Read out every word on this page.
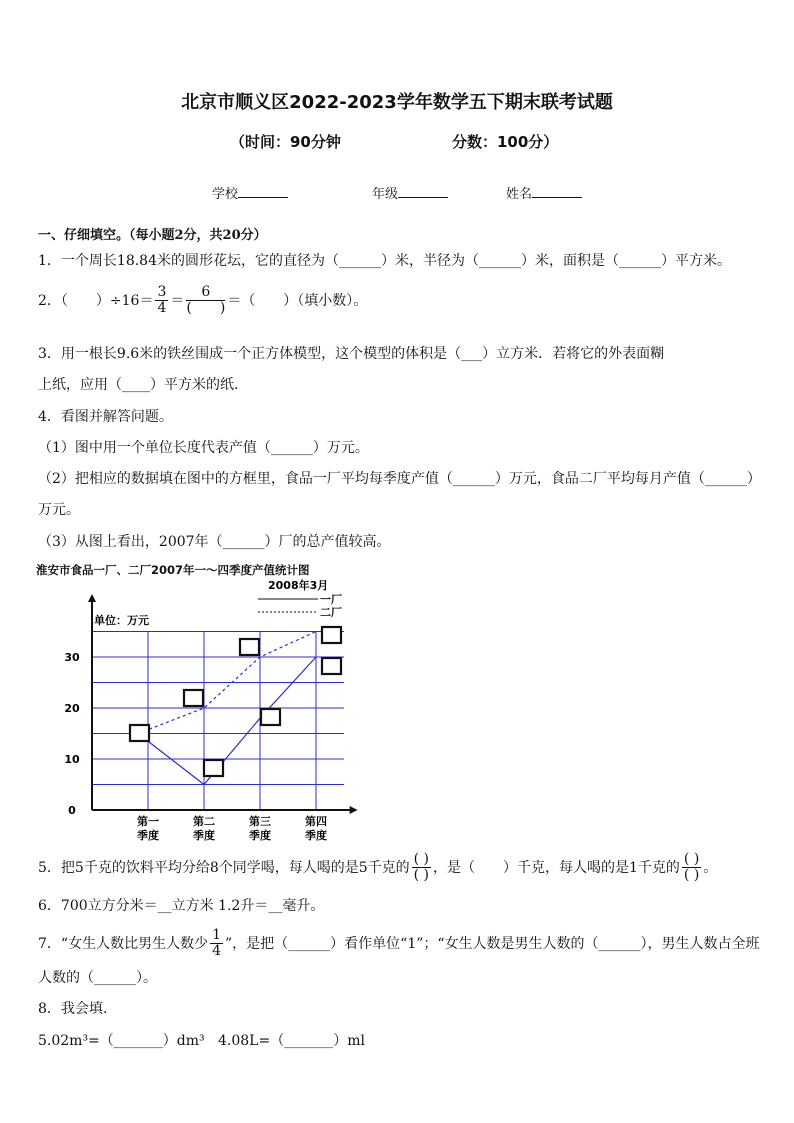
北京市顺义区2022-2023学年数学五下期末联考试题
（时间：90分钟	分数：100分）
学校	年级	姓名
一、仔细填空。（每小题2分，共20分）
1．一个周长18.84米的圆形花坛，它的直径为（______）米，半径为（______）米，面积是（______）平方米。
2．（　　）$\div 16= \frac{3}{4} = \frac{6}{( )}$ ＝（　　）（填小数）。
3．用一根长9.6米的铁丝围成一个正方体模型，这个模型的体积是（___）立方米．若将它的外表面糊
上纸，应用（____）平方米的纸.
4．看图并解答问题。
（1）图中用一个单位长度代表产值（______）万元。
（2）把相应的数据填在图中的方框里，食品一厂平均每季度产值（______）万元，食品二厂平均每月产值（______）
万元。
（3）从图上看出，2007年（______）厂的总产值较高。
淮安市食品一厂、二厂2007年一～四季度产值统计图
2008年3月
单位：万元
一厂
二厂
0
10
20
30
第一
季度
第二
季度
第三
季度
第四
季度
5．把5千克的饮料平均分给8个同学喝，每人喝的是5千克的 $\frac{( )}{( )}$ ，是（　　）千克，每人喝的是1千克的 $\frac{( )}{( )}$ 。
6．700立方分米＝__立方米 1.2升＝__毫升。
7．“女生人数比男生人数少 $\frac{1}{4}$ ”，是把（______）看作单位“1”；“女生人数是男生人数的（______），男生人数占全班
人数的（______）。
8．我会填.
5.02m³=（_______）dm³ 4.08L=（_______）ml
